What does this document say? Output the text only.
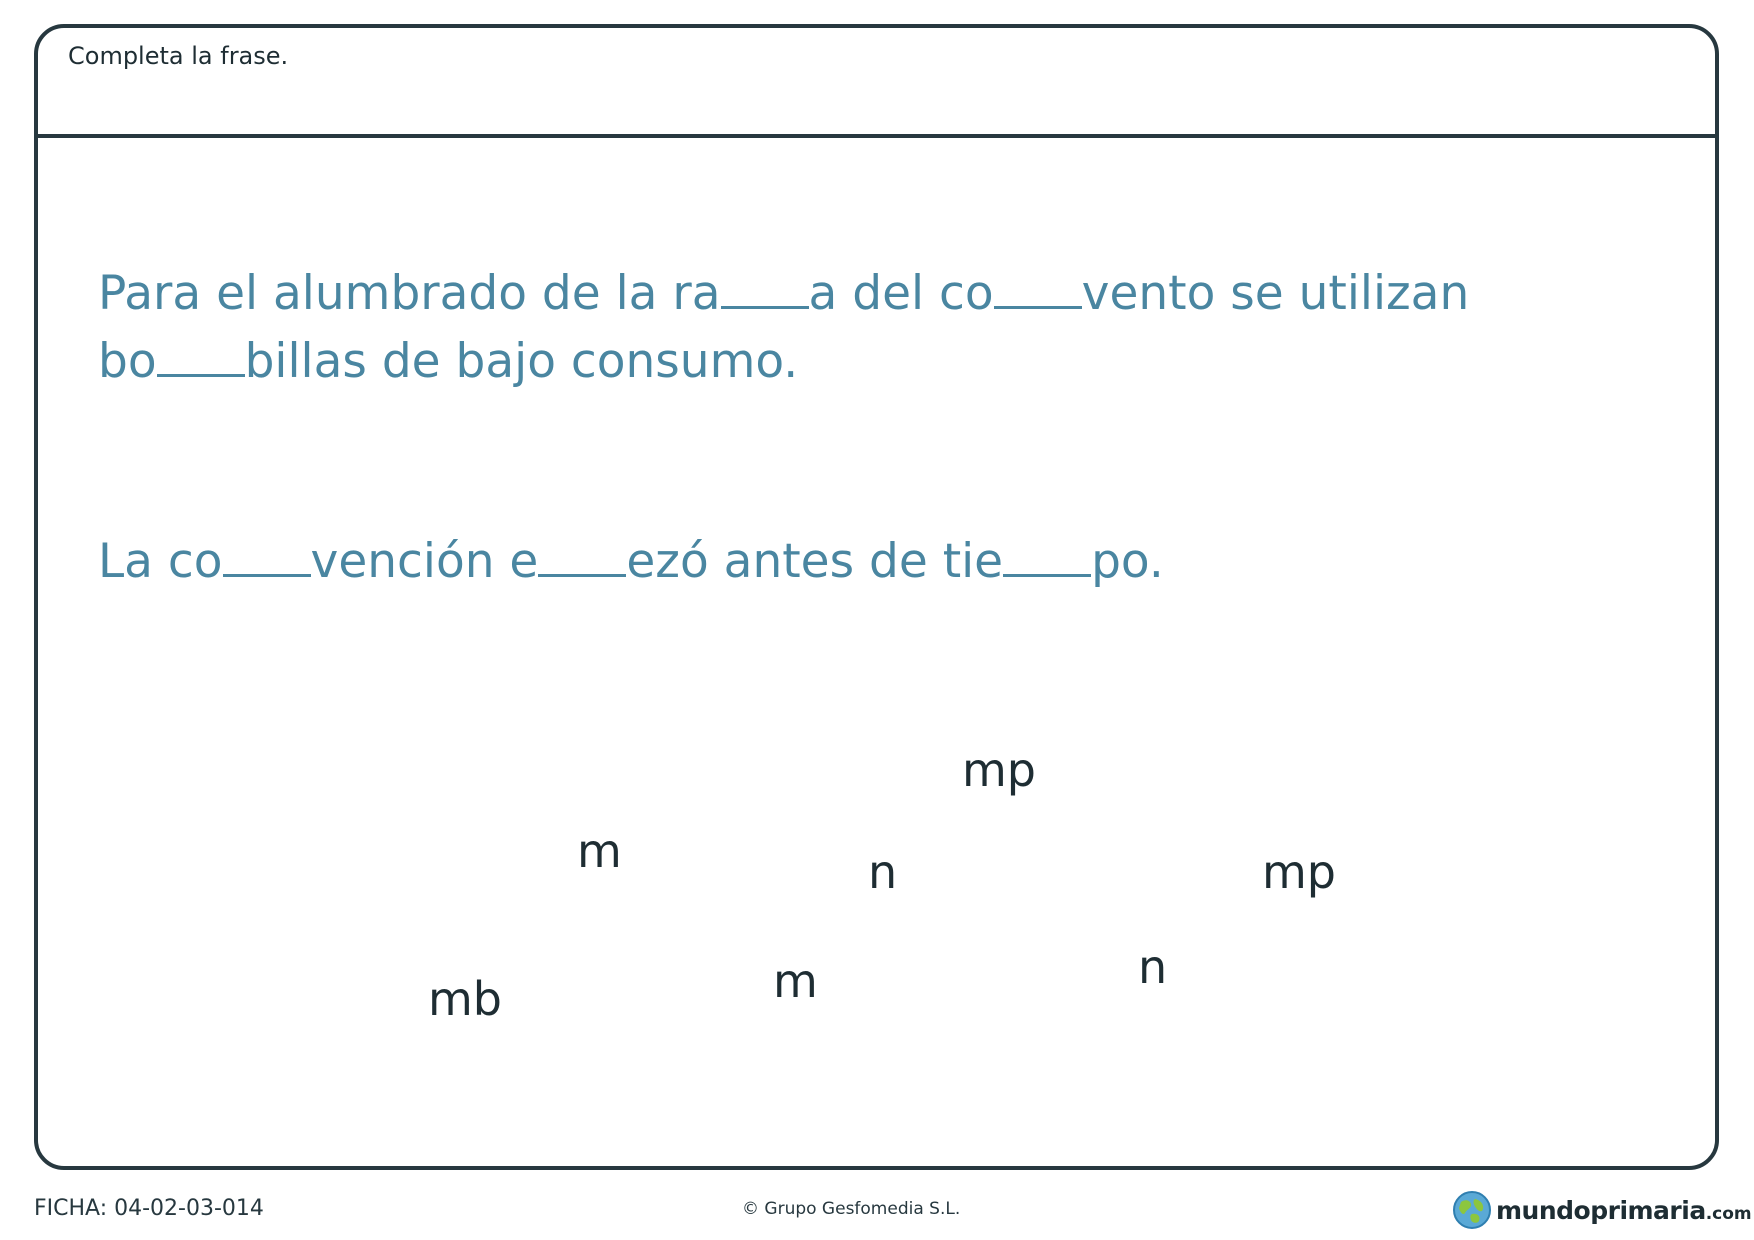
Completa la frase.
Para el alumbrado de la ra a del co vento se utilizan
bo billas de bajo consumo.
La co vención e ezó antes de tie po.
mp
m	n	mp
mb	m	n
FICHA: 04-02-03-014	© Grupo Gesfomedia S.L.	mundoprimaria .com
